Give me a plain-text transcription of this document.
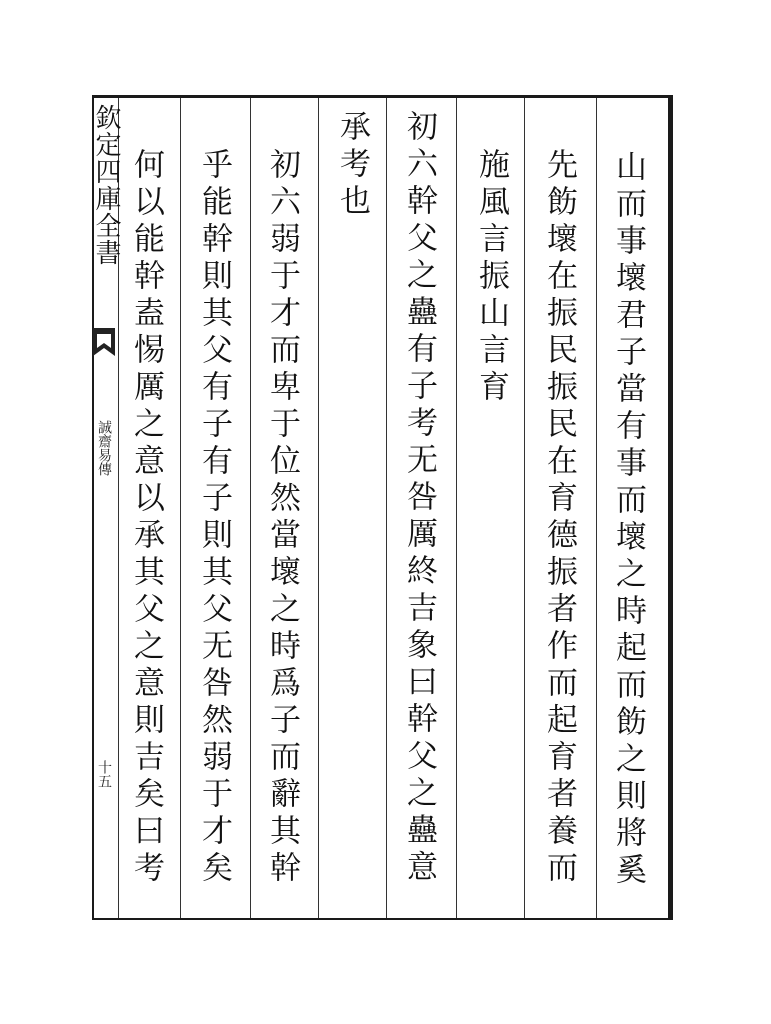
欽定四庫全書
誠齋易傳
十五	山而事壞君子當有事而壞之時起而飭之則將奚
先飭壞在振民振民在育德振者作而起育者養而
施風言振山言育
初六幹父之蠱有子考无咎厲終吉象曰幹父之蠱意
承考也
初六弱于才而卑于位然當壞之時爲子而辭其幹
乎能幹則其父有子有子則其父无咎然弱于才矣
何以能幹盍惕厲之意以承其父之意則吉矣曰考
